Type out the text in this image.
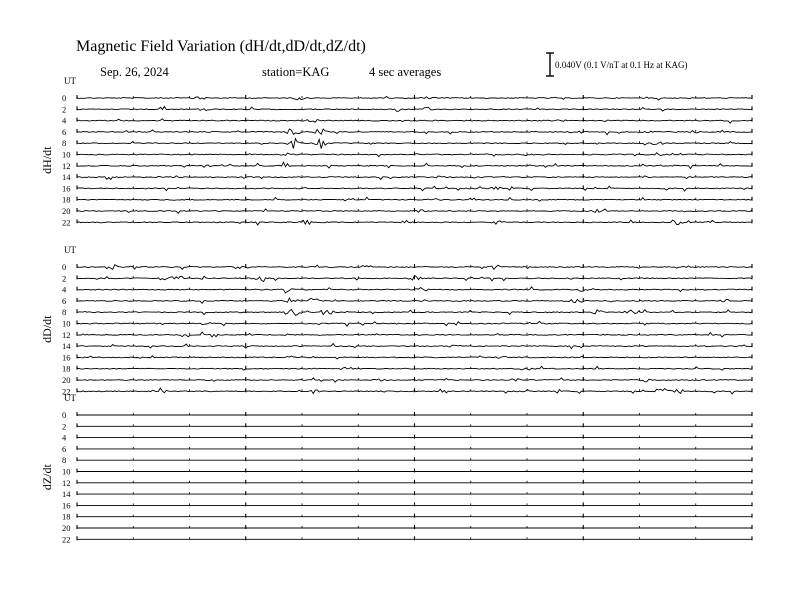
Magnetic Field Variation (dH/dt,dD/dt,dZ/dt)
Sep. 26, 2024	station=KAG	4 sec averages	0.040V (0.1 V/nT at 0.1 Hz at KAG)
UT
dH/dt
0
2
4
6
8
10
12
14
16
18
20
22
UT
dD/dt
0
2
4
6
8
10
12
14
16
18
20
22
UT
dZ/dt
0
2
4
6
8
10
12
14
16
18
20
22
